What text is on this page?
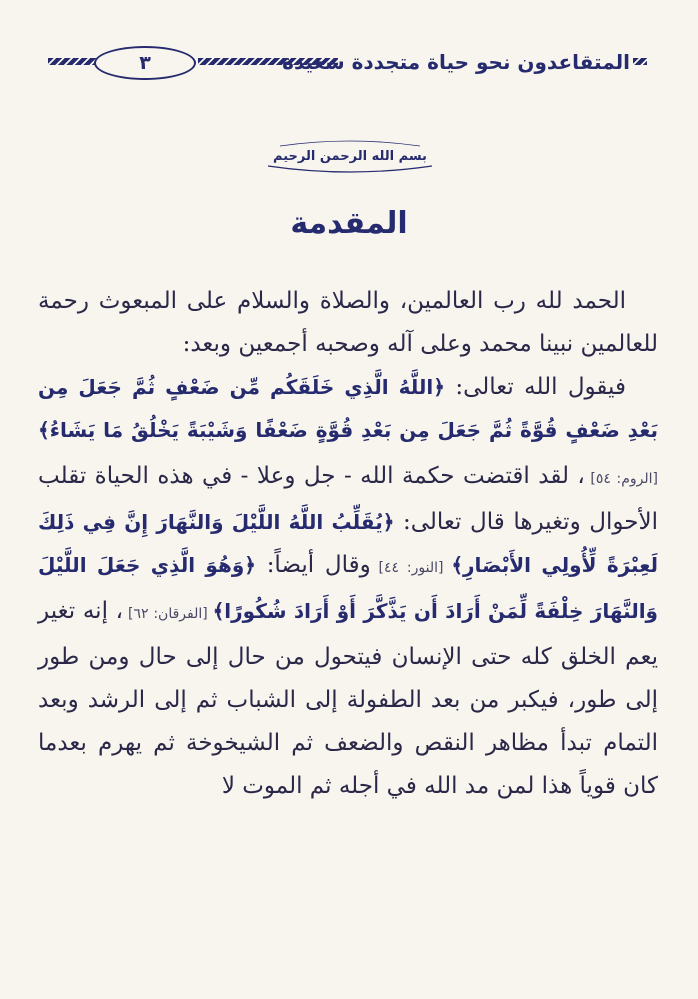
٣	المتقاعدون نحو حياة متجددة سعيدة
بسم الله الرحمن الرحيم
المقدمة

الحمد لله رب العالمين، والصلاة والسلام على المبعوث رحمة للعالمين نبينا محمد وعلى آله وصحبه أجمعين وبعد:

فيقول الله تعالى: ﴿اللَّهُ الَّذِي خَلَقَكُم مِّن ضَعْفٍ ثُمَّ جَعَلَ مِن بَعْدِ ضَعْفٍ قُوَّةً ثُمَّ جَعَلَ مِن بَعْدِ قُوَّةٍ ضَعْفًا وَشَيْبَةً يَخْلُقُ مَا يَشَاءُ﴾ [الروم: ٥٤] ، لقد اقتضت حكمة الله - جل وعلا - في هذه الحياة تقلب الأحوال وتغيرها قال تعالى: ﴿يُقَلِّبُ اللَّهُ اللَّيْلَ وَالنَّهَارَ إِنَّ فِي ذَلِكَ لَعِبْرَةً لِّأُولِي الأَبْصَارِ﴾ [النور: ٤٤] وقال أيضاً: ﴿وَهُوَ الَّذِي جَعَلَ اللَّيْلَ وَالنَّهَارَ خِلْفَةً لِّمَنْ أَرَادَ أَن يَذَّكَّرَ أَوْ أَرَادَ شُكُورًا﴾ [الفرقان: ٦٢] ، إنه تغير يعم الخلق كله حتى الإنسان فيتحول من حال إلى حال ومن طور إلى طور، فيكبر من بعد الطفولة إلى الشباب ثم إلى الرشد وبعد التمام تبدأ مظاهر النقص والضعف ثم الشيخوخة ثم يهرم بعدما كان قوياً هذا لمن مد الله في أجله ثم الموت لا
